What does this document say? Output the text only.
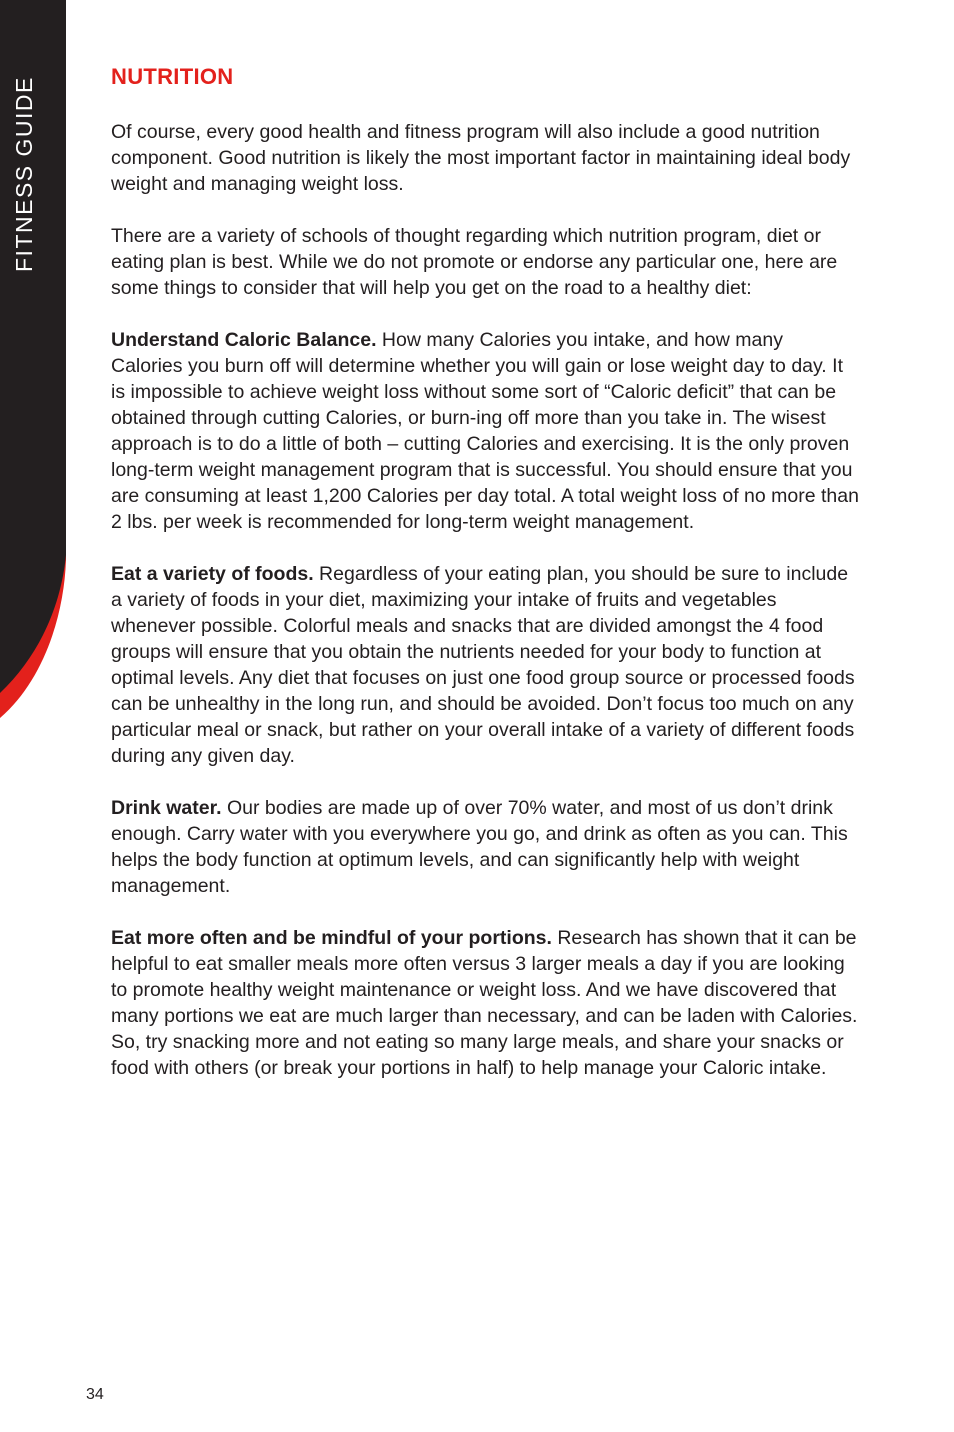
FITNESS GUIDE	NUTRITION

Of course, every good health and fitness program will also include a good nutrition component. Good nutrition is likely the most important factor in maintaining ideal body weight and managing weight loss.

There are a variety of schools of thought regarding which nutrition program, diet or eating plan is best. While we do not promote or endorse any particular one, here are some things to consider that will help you get on the road to a healthy diet:

Understand Caloric Balance. How many Calories you intake, and how many Calories you burn off will determine whether you will gain or lose weight day to day. It is impossible to achieve weight loss without some sort of “Caloric deficit” that can be obtained through cutting Calories, or burn-ing off more than you take in. The wisest approach is to do a little of both – cutting Calories and exercising. It is the only proven long-term weight management program that is successful. You should ensure that you are consuming at least 1,200 Calories per day total. A total weight loss of no more than 2 lbs. per week is recommended for long-term weight management.

Eat a variety of foods. Regardless of your eating plan, you should be sure to include a variety of foods in your diet, maximizing your intake of fruits and vegetables whenever possible. Colorful meals and snacks that are divided amongst the 4 food groups will ensure that you obtain the nutrients needed for your body to function at optimal levels. Any diet that focuses on just one food group source or processed foods can be unhealthy in the long run, and should be avoided. Don’t focus too much on any particular meal or snack, but rather on your overall intake of a variety of different foods during any given day.

Drink water. Our bodies are made up of over 70% water, and most of us don’t drink enough. Carry water with you everywhere you go, and drink as often as you can. This helps the body function at optimum levels, and can significantly help with weight management.

Eat more often and be mindful of your portions. Research has shown that it can be helpful to eat smaller meals more often versus 3 larger meals a day if you are looking to promote healthy weight maintenance or weight loss. And we have discovered that many portions we eat are much larger than necessary, and can be laden with Calories. So, try snacking more and not eating so many large meals, and share your snacks or food with others (or break your portions in half) to help manage your Caloric intake.

34
